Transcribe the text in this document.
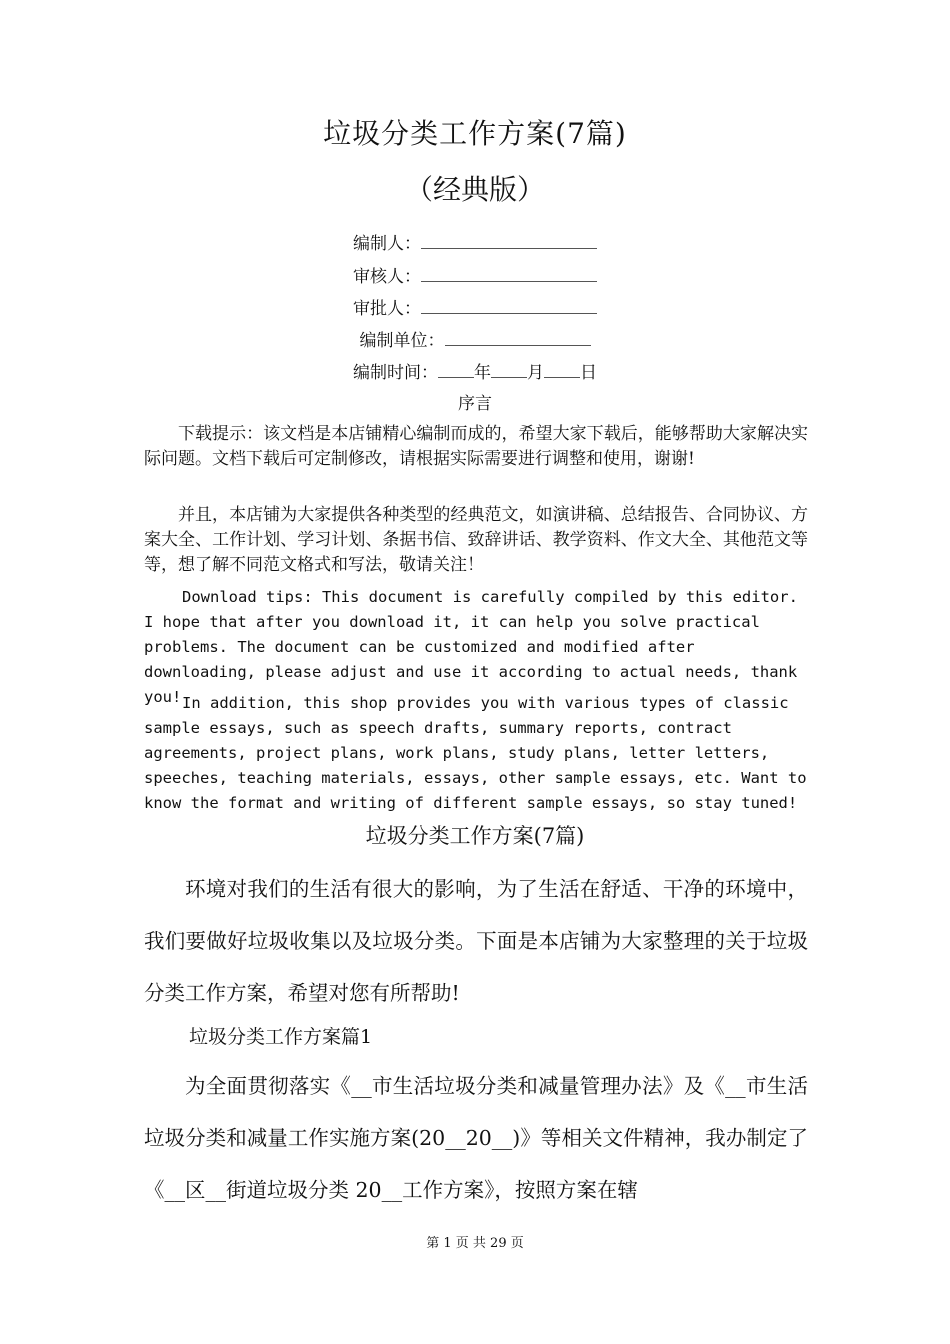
垃圾分类工作方案(7篇)
（经典版）
编制人：
审核人：
审批人：
编制单位：
编制时间： 年 月 日
序言

下载提示：该文档是本店铺精心编制而成的，希望大家下载后，能够帮助大家解决实际问题。文档下载后可定制修改，请根据实际需要进行调整和使用，谢谢!

并且，本店铺为大家提供各种类型的经典范文，如演讲稿、总结报告、合同协议、方案大全、工作计划、学习计划、条据书信、致辞讲话、教学资料、作文大全、其他范文等等，想了解不同范文格式和写法，敬请关注！

Download tips: This document is carefully compiled by this editor. I hope that after you download it, it can help you solve practical problems. The document can be customized and modified after downloading, please adjust and use it according to actual needs, thank you! In addition, this shop provides you with various types of classic sample essays, such as speech drafts, summary reports, contract agreements, project plans, work plans, study plans, letter letters, speeches, teaching materials, essays, other sample essays, etc. Want to know the format and writing of different sample essays, so stay tuned!

垃圾分类工作方案(7篇)

环境对我们的生活有很大的影响，为了生活在舒适、干净的环境中，我们要做好垃圾收集以及垃圾分类。下面是本店铺为大家整理的关于垃圾分类工作方案，希望对您有所帮助!

垃圾分类工作方案篇1

为全面贯彻落实《__市生活垃圾分类和减量管理办法》及《__市生活垃圾分类和减量工作实施方案(20__20__)》等相关文件精神，我办制定了《__区__街道垃圾分类 20__工作方案》，按照方案在辖

第 1 页 共 29 页
